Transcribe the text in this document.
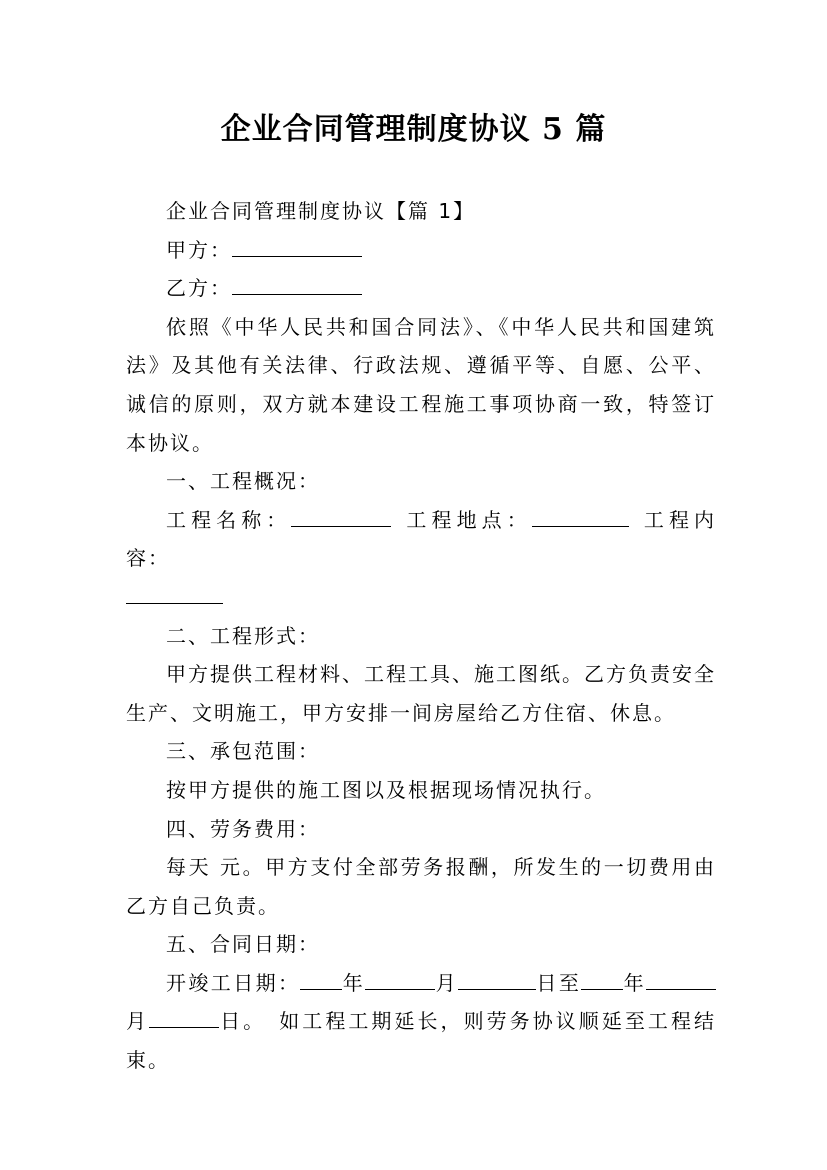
企业合同管理制度协议 5 篇

企业合同管理制度协议【篇 1】

甲方：

乙方：

依照《中华人民共和国合同法》、《中华人民共和国建筑法》及其他有关法律、行政法规、遵循平等、自愿、公平、诚信的原则，双方就本建设工程施工事项协商一致，特签订本协议。

一、工程概况：

工程名称：	工程地点：	工程内容：

二、工程形式：

甲方提供工程材料、工程工具、施工图纸。乙方负责安全生产、文明施工，甲方安排一间房屋给乙方住宿、休息。

三、承包范围：

按甲方提供的施工图以及根据现场情况执行。

四、劳务费用：

每天 元。甲方支付全部劳务报酬，所发生的一切费用由乙方自己负责。

五、合同日期：

开竣工日期： 年	月	日至 年月	日。 如工程工期延长，则劳务协议顺延至工程结束。
